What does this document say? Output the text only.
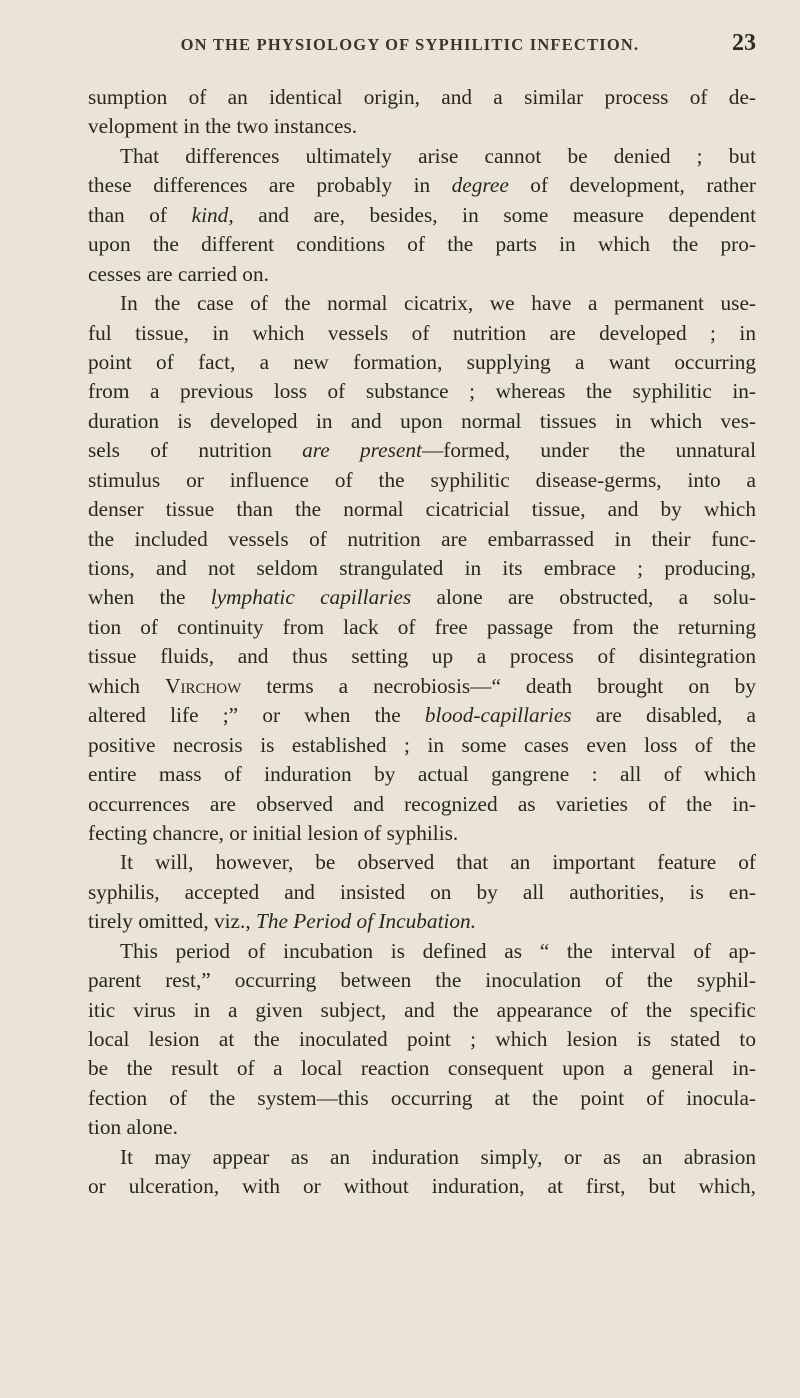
ON THE PHYSIOLOGY OF SYPHILITIC INFECTION.	23
sumption of an identical origin, and a similar process of de-
velopment in the two instances.
That differences ultimately arise cannot be denied ; but
these differences are probably in degree of development, rather
than of kind, and are, besides, in some measure dependent
upon the different conditions of the parts in which the pro-
cesses are carried on.
In the case of the normal cicatrix, we have a permanent use-
ful tissue, in which vessels of nutrition are developed ; in
point of fact, a new formation, supplying a want occurring
from a previous loss of substance ; whereas the syphilitic in-
duration is developed in and upon normal tissues in which ves-
sels of nutrition are present—formed, under the unnatural
stimulus or influence of the syphilitic disease-germs, into a
denser tissue than the normal cicatricial tissue, and by which
the included vessels of nutrition are embarrassed in their func-
tions, and not seldom strangulated in its embrace ; producing,
when the lymphatic capillaries alone are obstructed, a solu-
tion of continuity from lack of free passage from the returning
tissue fluids, and thus setting up a process of disintegration
which Virchow terms a necrobiosis—“ death brought on by
altered life ;” or when the blood-capillaries are disabled, a
positive necrosis is established ; in some cases even loss of the
entire mass of induration by actual gangrene : all of which
occurrences are observed and recognized as varieties of the in-
fecting chancre, or initial lesion of syphilis.
It will, however, be observed that an important feature of
syphilis, accepted and insisted on by all authorities, is en-
tirely omitted, viz., The Period of Incubation.
This period of incubation is defined as “ the interval of ap-
parent rest,” occurring between the inoculation of the syphil-
itic virus in a given subject, and the appearance of the specific
local lesion at the inoculated point ; which lesion is stated to
be the result of a local reaction consequent upon a general in-
fection of the system—this occurring at the point of inocula-
tion alone.
It may appear as an induration simply, or as an abrasion
or ulceration, with or without induration, at first, but which,
